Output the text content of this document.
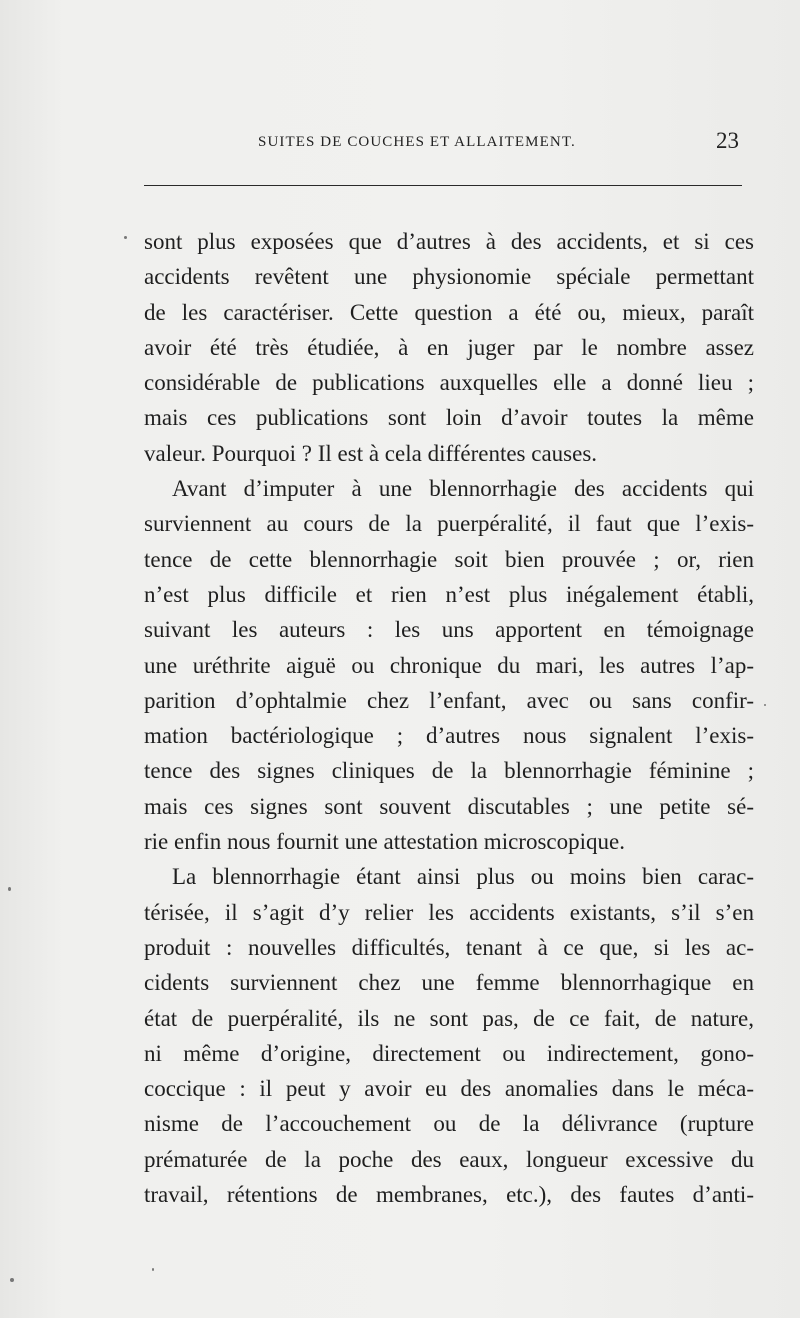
SUITES DE COUCHES ET ALLAITEMENT.	23
sont plus exposées que d’autres à des accidents, et si ces
accidents revêtent une physionomie spéciale permettant
de les caractériser. Cette question a été ou, mieux, paraît
avoir été très étudiée, à en juger par le nombre assez
considérable de publications auxquelles elle a donné lieu ;
mais ces publications sont loin d’avoir toutes la même
valeur. Pourquoi ? Il est à cela différentes causes.
Avant d’imputer à une blennorrhagie des accidents qui
surviennent au cours de la puerpéralité, il faut que l’exis-
tence de cette blennorrhagie soit bien prouvée ; or, rien
n’est plus difficile et rien n’est plus inégalement établi,
suivant les auteurs : les uns apportent en témoignage
une uréthrite aiguë ou chronique du mari, les autres l’ap-
parition d’ophtalmie chez l’enfant, avec ou sans confir-
mation bactériologique ; d’autres nous signalent l’exis-
tence des signes cliniques de la blennorrhagie féminine ;
mais ces signes sont souvent discutables ; une petite sé-
rie enfin nous fournit une attestation microscopique.
La blennorrhagie étant ainsi plus ou moins bien carac-
térisée, il s’agit d’y relier les accidents existants, s’il s’en
produit : nouvelles difficultés, tenant à ce que, si les ac-
cidents surviennent chez une femme blennorrhagique en
état de puerpéralité, ils ne sont pas, de ce fait, de nature,
ni même d’origine, directement ou indirectement, gono-
coccique : il peut y avoir eu des anomalies dans le méca-
nisme de l’accouchement ou de la délivrance (rupture
prématurée de la poche des eaux, longueur excessive du
travail, rétentions de membranes, etc.), des fautes d’anti-
